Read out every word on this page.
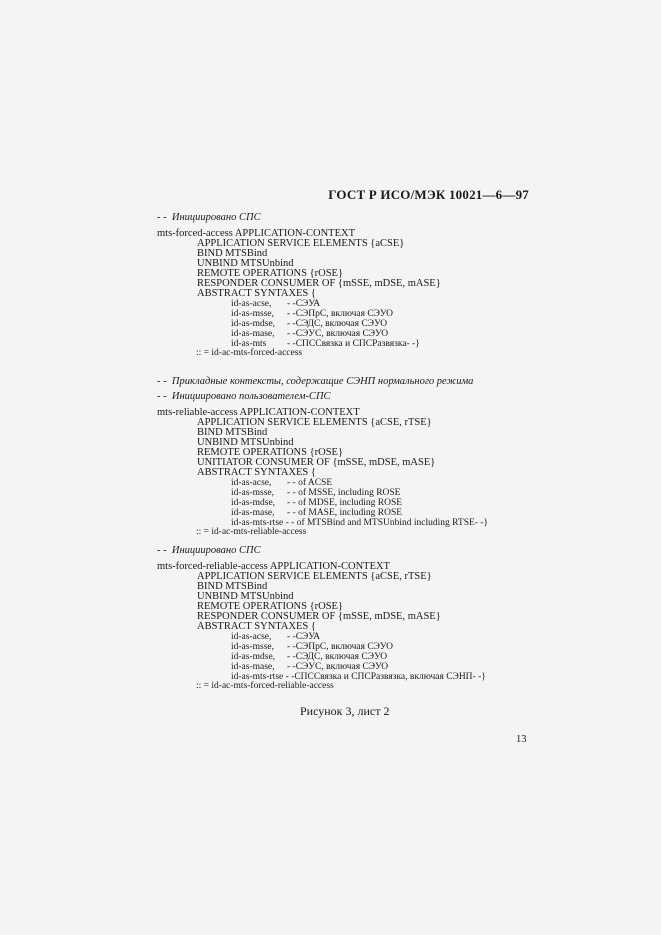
ГОСТ Р ИСО/МЭК 10021—6—97
- -  Инициировано СПС
mts-forced-access APPLICATION-CONTEXT
APPLICATION SERVICE ELEMENTS {aCSE}
BIND MTSBind
UNBIND MTSUnbind
REMOTE OPERATIONS {rOSE}
RESPONDER CONSUMER OF {mSSE, mDSE, mASE}
ABSTRACT SYNTAXES {
id-as-acse, - -СЭУА
id-as-msse, - -СЭПрС, включая СЭУО
id-as-mdse, - -СЭДС, включая СЭУО
id-as-mase, - -СЭУС, включая СЭУО
id-as-mts - -СПССвязка и СПСРазвязка- -}
:: = id-ac-mts-forced-access
- -  Прикладные контексты, содержащие СЭНП нормального режима
- -  Инициировано пользователем-СПС
mts-reliable-access APPLICATION-CONTEXT
APPLICATION SERVICE ELEMENTS {aCSE, rTSE}
BIND MTSBind
UNBIND MTSUnbind
REMOTE OPERATIONS {rOSE}
UNITIATOR CONSUMER OF {mSSE, mDSE, mASE}
ABSTRACT SYNTAXES {
id-as-acse, - - of ACSE
id-as-msse, - - of MSSE, including ROSE
id-as-mdse, - - of MDSE, including ROSE
id-as-mase, - - of MASE, including ROSE
id-as-mts-rtse - - of MTSBind and MTSUnbind including RTSE- -}
:: = id-ac-mts-reliable-access
- -  Инициировано СПС
mts-forced-reliable-access APPLICATION-CONTEXT
APPLICATION SERVICE ELEMENTS {aCSE, rTSE}
BIND MTSBind
UNBIND MTSUnbind
REMOTE OPERATIONS {rOSE}
RESPONDER CONSUMER OF {mSSE, mDSE, mASE}
ABSTRACT SYNTAXES {
id-as-acse, - -СЭУА
id-as-msse, - -СЭПрС, включая СЭУО
id-as-mdse, - -СЭДС, включая СЭУО
id-as-mase, - -СЭУС, включая СЭУО
id-as-mts-rtse - -СПССвязка и СПСРазвязка, включая СЭНП- -}
:: = id-ac-mts-forced-reliable-access
Рисунок 3, лист 2
13
